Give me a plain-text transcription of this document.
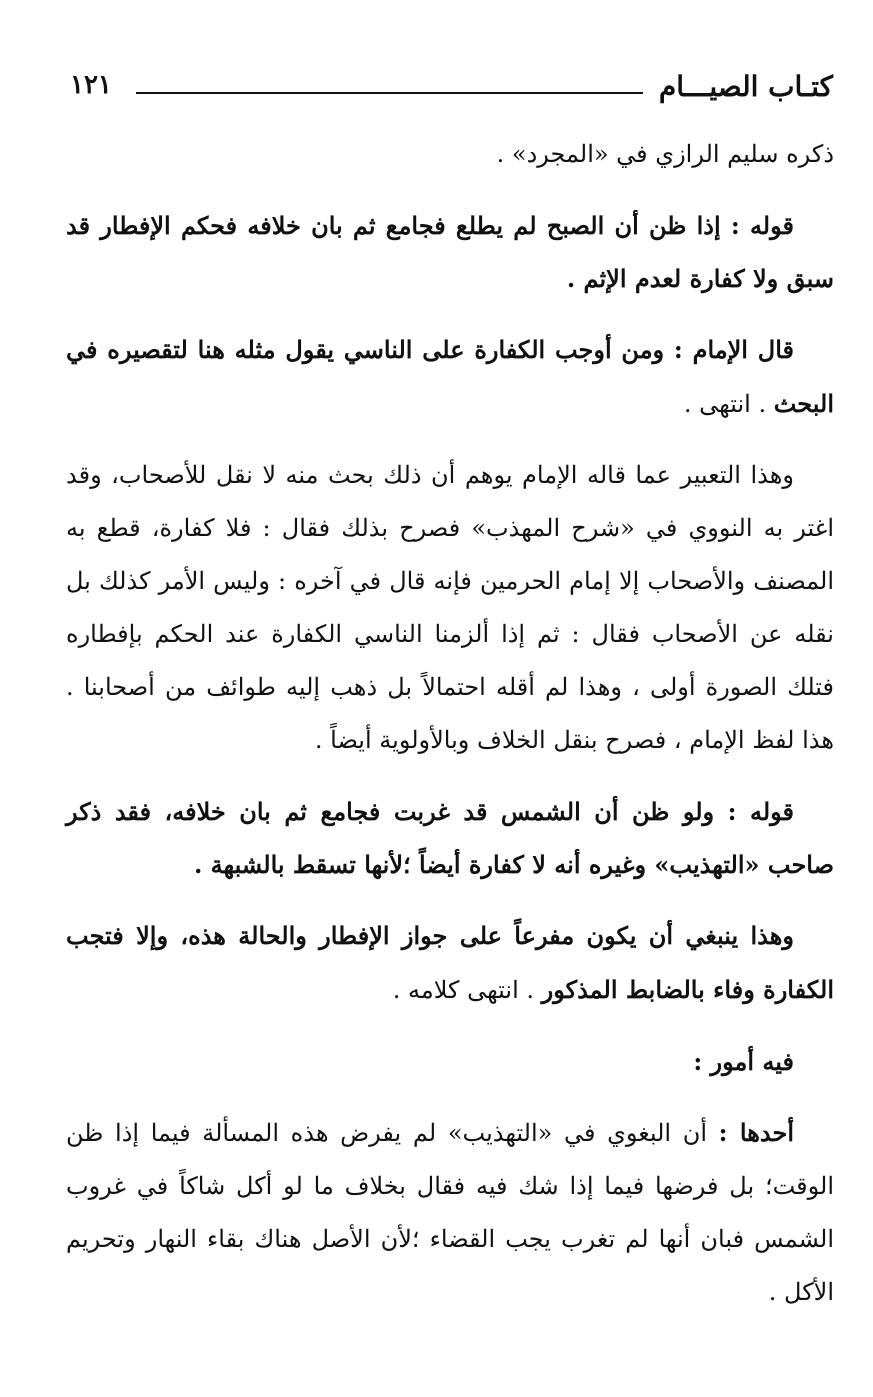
كتـاب الصيـــام
١٢١

ذكره سليم الرازي في «المجرد» .

قوله : إذا ظن أن الصبح لم يطلع فجامع ثم بان خلافه فحكم الإفطار قد سبق ولا كفارة لعدم الإثم .

قال الإمام : ومن أوجب الكفارة على الناسي يقول مثله هنا لتقصيره في البحث . انتهى .

وهذا التعبير عما قاله الإمام يوهم أن ذلك بحث منه لا نقل للأصحاب، وقد اغتر به النووي في «شرح المهذب» فصرح بذلك فقال : فلا كفارة، قطع به المصنف والأصحاب إلا إمام الحرمين فإنه قال في آخره : وليس الأمر كذلك بل نقله عن الأصحاب فقال : ثم إذا ألزمنا الناسي الكفارة عند الحكم بإفطاره فتلك الصورة أولى ، وهذا لم أقله احتمالاً بل ذهب إليه طوائف من أصحابنا . هذا لفظ الإمام ، فصرح بنقل الخلاف وبالأولوية أيضاً .

قوله : ولو ظن أن الشمس قد غربت فجامع ثم بان خلافه، فقد ذكر صاحب «التهذيب» وغيره أنه لا كفارة أيضاً ؛لأنها تسقط بالشبهة .

وهذا ينبغي أن يكون مفرعاً على جواز الإفطار والحالة هذه، وإلا فتجب الكفارة وفاء بالضابط المذكور . انتهى كلامه .

فيه أمور :

أحدها : أن البغوي في «التهذيب» لم يفرض هذه المسألة فيما إذا ظن الوقت؛ بل فرضها فيما إذا شك فيه فقال بخلاف ما لو أكل شاكاً في غروب الشمس فبان أنها لم تغرب يجب القضاء ؛لأن الأصل هناك بقاء النهار وتحريم الأكل .
